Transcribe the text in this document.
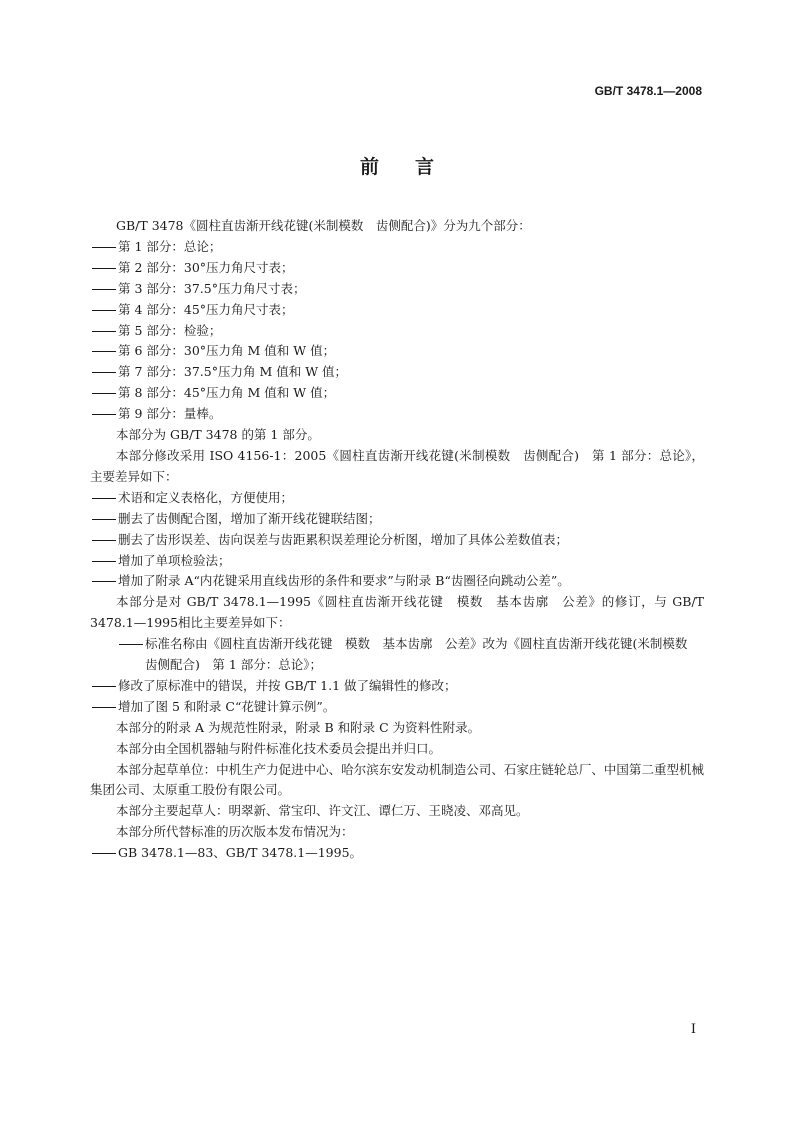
GB/T 3478.1—2008
前言

GB/T 3478《圆柱直齿渐开线花键(米制模数　齿侧配合)》分为九个部分：

第 1 部分：总论；

第 2 部分：30°压力角尺寸表；

第 3 部分：37.5°压力角尺寸表；

第 4 部分：45°压力角尺寸表；

第 5 部分：检验；

第 6 部分：30°压力角 M 值和 W 值；

第 7 部分：37.5°压力角 M 值和 W 值；

第 8 部分：45°压力角 M 值和 W 值；

第 9 部分：量棒。

本部分为 GB/T 3478 的第 1 部分。

本部分修改采用 ISO 4156-1：2005《圆柱直齿渐开线花键(米制模数　齿侧配合)　第 1 部分：总论》，主要差异如下：

术语和定义表格化，方便使用；

删去了齿侧配合图，增加了渐开线花键联结图；

删去了齿形误差、齿向误差与齿距累积误差理论分析图，增加了具体公差数值表；

增加了单项检验法；

增加了附录 A“内花键采用直线齿形的条件和要求”与附录 B“齿圈径向跳动公差”。

本部分是对 GB/T 3478.1—1995《圆柱直齿渐开线花键　模数　基本齿廓　公差》的修订，与 GB/T 3478.1—1995相比主要差异如下：

标准名称由《圆柱直齿渐开线花键　模数　基本齿廓　公差》改为《圆柱直齿渐开线花键(米制模数　齿侧配合)　第 1 部分：总论》；

修改了原标准中的错误，并按 GB/T 1.1 做了编辑性的修改；

增加了图 5 和附录 C“花键计算示例”。

本部分的附录 A 为规范性附录，附录 B 和附录 C 为资料性附录。

本部分由全国机器轴与附件标准化技术委员会提出并归口。

本部分起草单位：中机生产力促进中心、哈尔滨东安发动机制造公司、石家庄链轮总厂、中国第二重型机械集团公司、太原重工股份有限公司。

本部分主要起草人：明翠新、常宝印、许文江、谭仁万、王晓凌、邓高见。

本部分所代替标准的历次版本发布情况为：

GB 3478.1—83、GB/T 3478.1—1995。

I
